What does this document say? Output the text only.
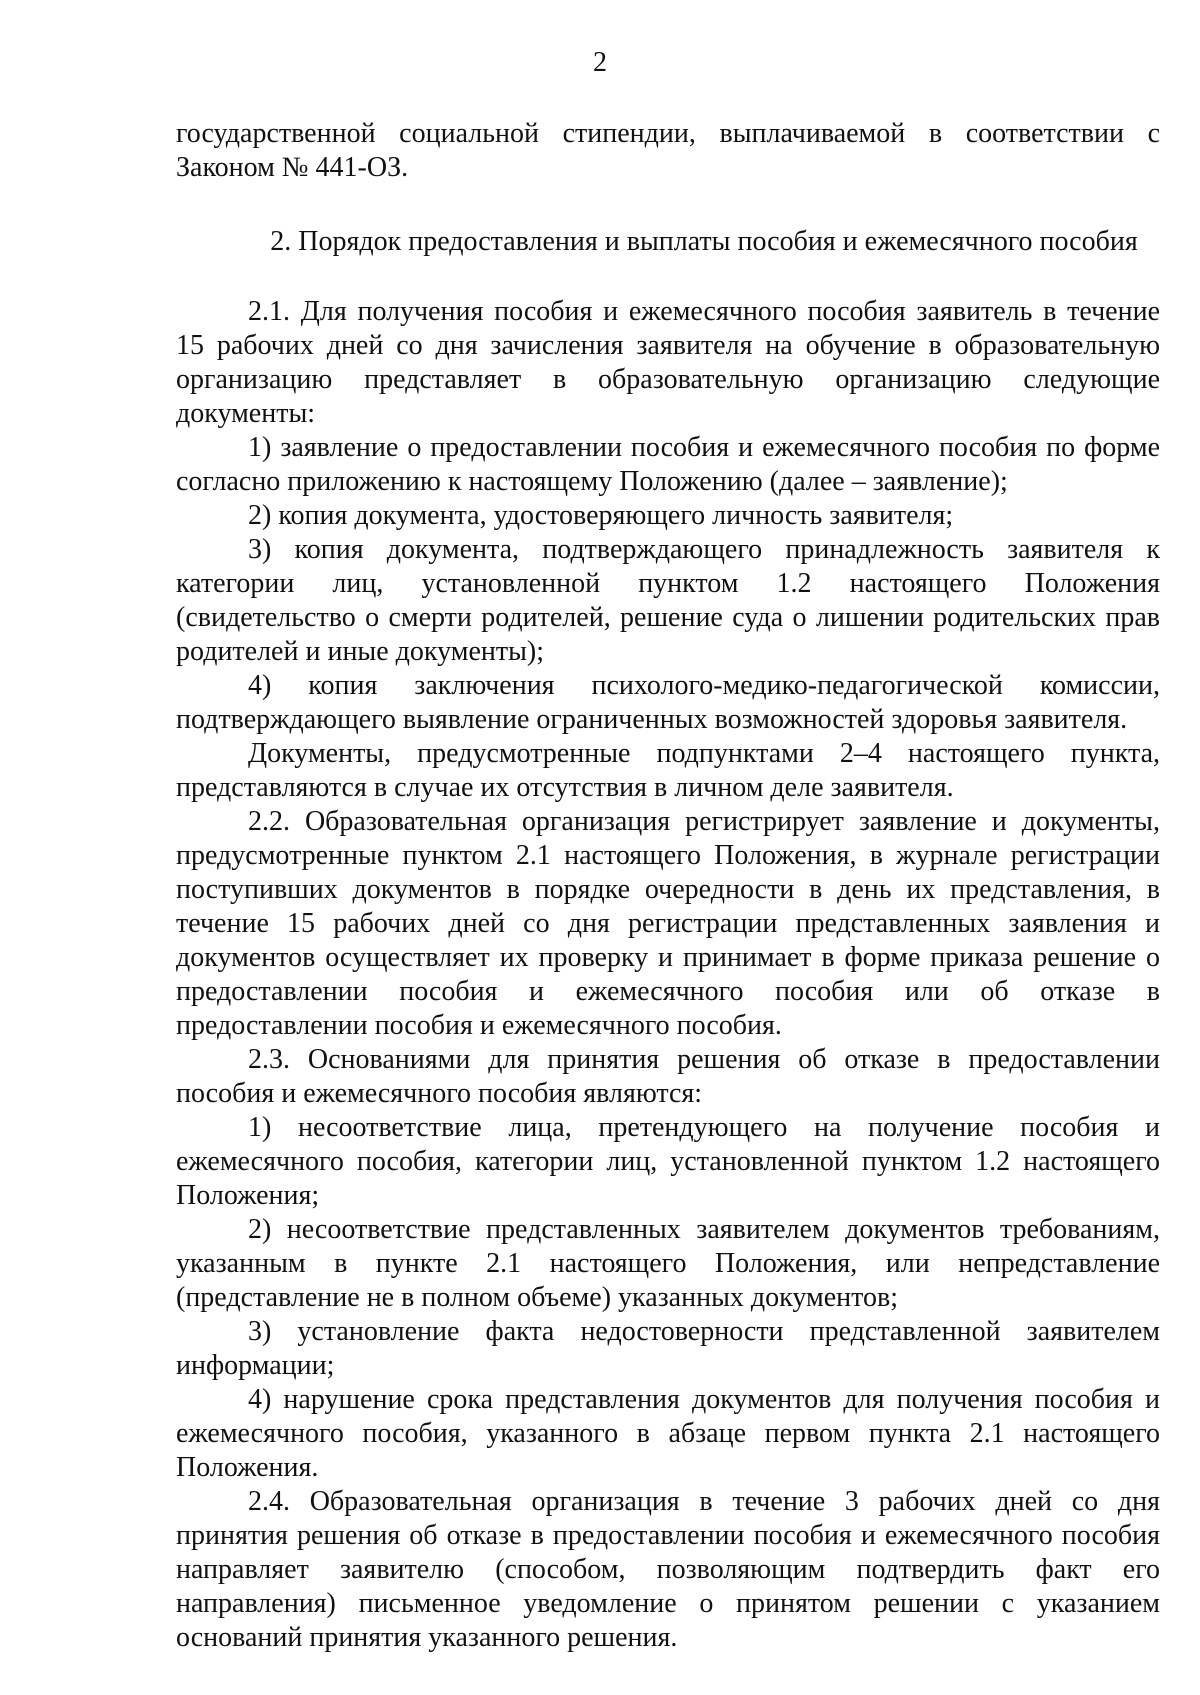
2

государственной социальной стипендии, выплачиваемой в соответствии с Законом № 441-ОЗ.

2. Порядок предоставления и выплаты пособия и ежемесячного пособия

2.1. Для получения пособия и ежемесячного пособия заявитель в течение 15 рабочих дней со дня зачисления заявителя на обучение в образовательную организацию представляет в образовательную организацию следующие документы:

1) заявление о предоставлении пособия и ежемесячного пособия по форме согласно приложению к настоящему Положению (далее – заявление);

2) копия документа, удостоверяющего личность заявителя;

3) копия документа, подтверждающего принадлежность заявителя к категории лиц, установленной пунктом 1.2 настоящего Положения (свидетельство о смерти родителей, решение суда о лишении родительских прав родителей и иные документы);

4) копия заключения психолого-медико-педагогической комиссии, подтверждающего выявление ограниченных возможностей здоровья заявителя.

Документы, предусмотренные подпунктами 2–4 настоящего пункта, представляются в случае их отсутствия в личном деле заявителя.

2.2. Образовательная организация регистрирует заявление и документы, предусмотренные пунктом 2.1 настоящего Положения, в журнале регистрации поступивших документов в порядке очередности в день их представления, в течение 15 рабочих дней со дня регистрации представленных заявления и документов осуществляет их проверку и принимает в форме приказа решение о предоставлении пособия и ежемесячного пособия или об отказе в предоставлении пособия и ежемесячного пособия.

2.3. Основаниями для принятия решения об отказе в предоставлении пособия и ежемесячного пособия являются:

1) несоответствие лица, претендующего на получение пособия и ежемесячного пособия, категории лиц, установленной пунктом 1.2 настоящего Положения;

2) несоответствие представленных заявителем документов требованиям, указанным в пункте 2.1 настоящего Положения, или непредставление (представление не в полном объеме) указанных документов;

3) установление факта недостоверности представленной заявителем информации;

4) нарушение срока представления документов для получения пособия и ежемесячного пособия, указанного в абзаце первом пункта 2.1 настоящего Положения.

2.4. Образовательная организация в течение 3 рабочих дней со дня принятия решения об отказе в предоставлении пособия и ежемесячного пособия направляет заявителю (способом, позволяющим подтвердить факт его направления) письменное уведомление о принятом решении с указанием оснований принятия указанного решения.
